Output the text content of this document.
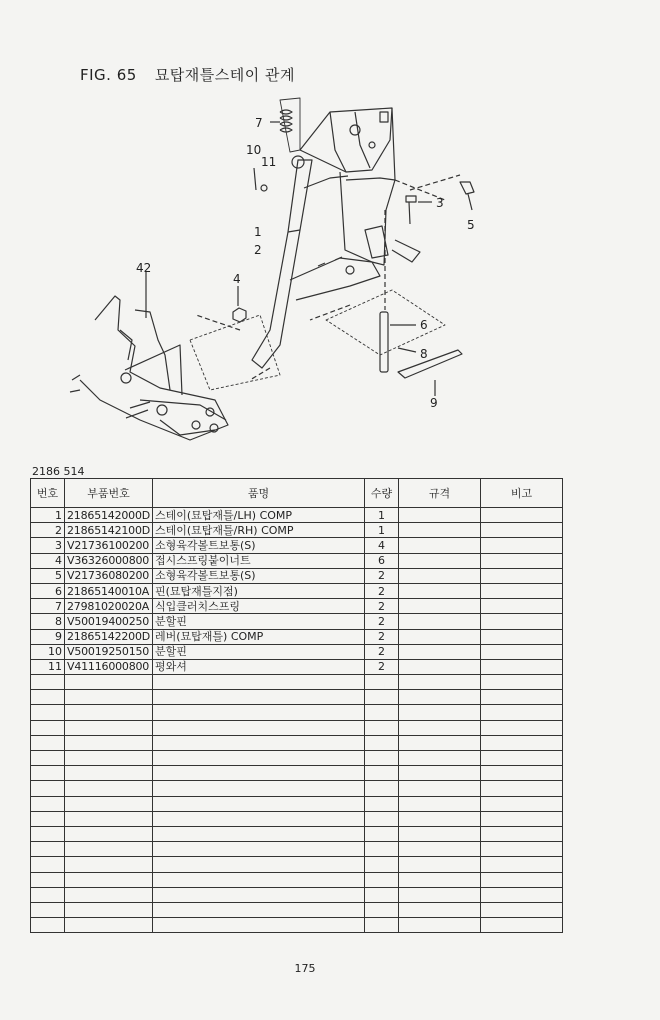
FIG. 65 묘탑재틀스테이 관계
7
10
11
1
2
3
5
42
4
6
8
9
2186 514
번호	부품번호	품명	수량	규격	비고
1	21865142000D	스테이(묘탑재틀/LH) COMP	1		
2	21865142100D	스테이(묘탑재틀/RH) COMP	1		
3	V21736100200	소형육각볼트보통(S)	4		
4	V36326000800	접시스프링붙이너트	6		
5	V21736080200	소형육각볼트보통(S)	2		
6	21865140010A	핀(묘탑재틀지점)	2		
7	27981020020A	식입클러치스프링	2		
8	V50019400250	분할핀	2		
9	21865142200D	레버(묘탑재틀) COMP	2		
10	V50019250150	분할핀	2		
11	V41116000800	평와셔	2		

175
